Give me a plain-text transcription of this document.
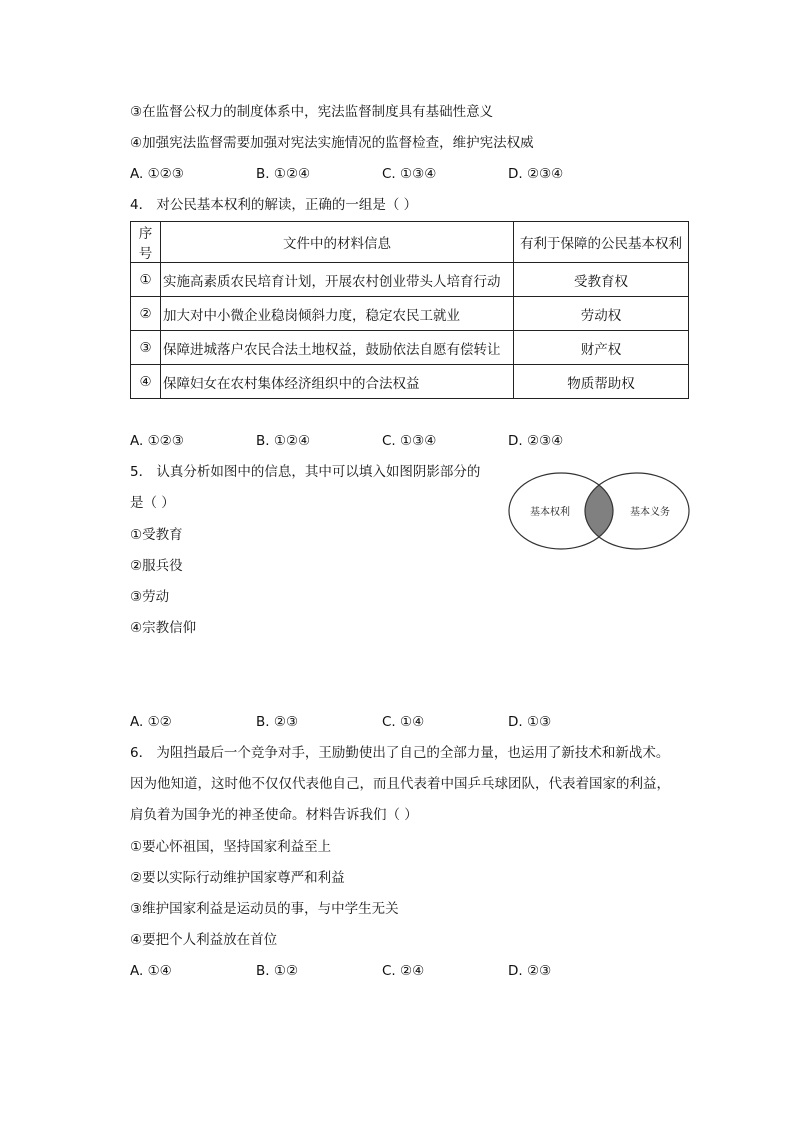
③在监督公权力的制度体系中，宪法监督制度具有基础性意义
④加强宪法监督需要加强对宪法实施情况的监督检查，维护宪法权威
A. ①②③	B. ①②④	C. ①③④	D. ②③④
4． 对公民基本权利的解读，正确的一组是（ ）
序号	文件中的材料信息	有利于保障的公民基本权利
①	实施高素质农民培育计划，开展农村创业带头人培育行动	受教育权
②	加大对中小微企业稳岗倾斜力度，稳定农民工就业	劳动权
③	保障进城落户农民合法土地权益，鼓励依法自愿有偿转让	财产权
④	保障妇女在农村集体经济组织中的合法权益	物质帮助权
A. ①②③	B. ①②④	C. ①③④	D. ②③④
5． 认真分析如图中的信息，其中可以填入如图阴影部分的
是（ ）
基本权利	基本义务
①受教育
②服兵役
③劳动
④宗教信仰
A. ①②	B. ②③	C. ①④	D. ①③
6． 为阻挡最后一个竞争对手，王励勤使出了自己的全部力量，也运用了新技术和新战术。
因为他知道，这时他不仅仅代表他自己，而且代表着中国乒乓球团队，代表着国家的利益，
肩负着为国争光的神圣使命。材料告诉我们（ ）
①要心怀祖国，坚持国家利益至上
②要以实际行动维护国家尊严和利益
③维护国家利益是运动员的事，与中学生无关
④要把个人利益放在首位
A. ①④	B. ①②	C. ②④	D. ②③
